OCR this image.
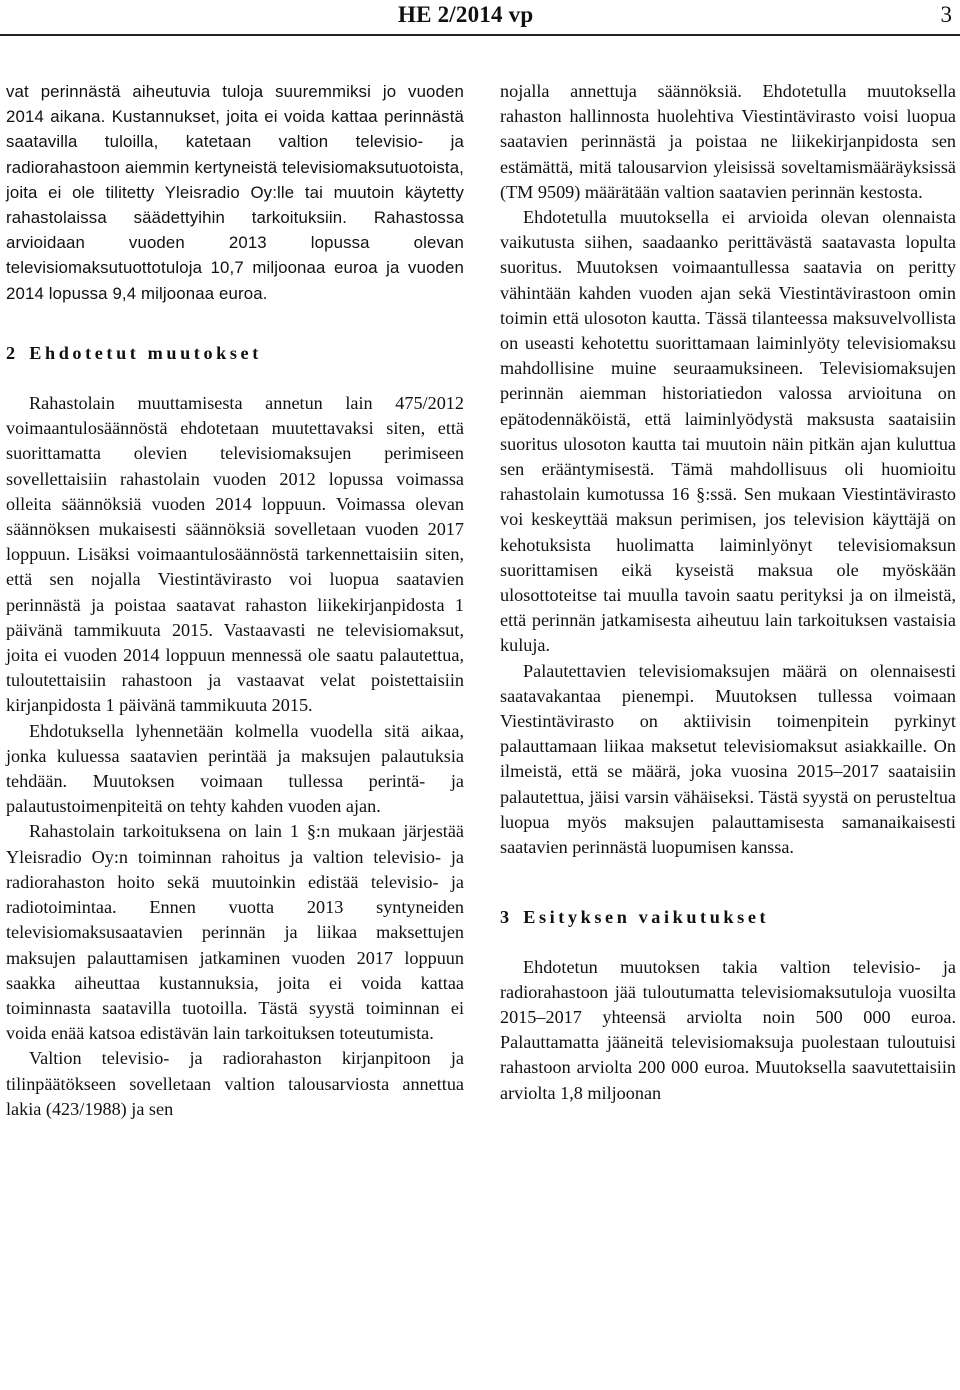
HE 2/2014 vp	3

vat perinnästä aiheutuvia tuloja suuremmiksi jo vuoden 2014 aikana. Kustannukset, joita ei voida kattaa perinnästä saatavilla tuloilla, katetaan valtion televisio- ja radiorahastoon aiemmin kertyneistä televisiomaksutuotoista, joita ei ole tilitetty Yleisradio Oy:lle tai muutoin käytetty rahastolaissa säädettyihin tarkoituksiin. Rahastossa arvioidaan vuoden 2013 lopussa olevan televisiomaksutuottotuloja 10,7 miljoonaa euroa ja vuoden 2014 lopussa 9,4 miljoonaa euroa.

2 Ehdotetut muutokset

Rahastolain muuttamisesta annetun lain 475/2012 voimaantulosäännöstä ehdotetaan muutettavaksi siten, että suorittamatta olevien televisiomaksujen perimiseen sovellettaisiin rahastolain vuoden 2012 lopussa voimassa olleita säännöksiä vuoden 2014 loppuun. Voimassa olevan säännöksen mukaisesti säännöksiä sovelletaan vuoden 2017 loppuun. Lisäksi voimaantulosäännöstä tarkennettaisiin siten, että sen nojalla Viestintävirasto voi luopua saatavien perinnästä ja poistaa saatavat rahaston liikekirjanpidosta 1 päivänä tammikuuta 2015. Vastaavasti ne televisiomaksut, joita ei vuoden 2014 loppuun mennessä ole saatu palautettua, tuloutettaisiin rahastoon ja vastaavat velat poistettaisiin kirjanpidosta 1 päivänä tammikuuta 2015.

Ehdotuksella lyhennetään kolmella vuodella sitä aikaa, jonka kuluessa saatavien perintää ja maksujen palautuksia tehdään. Muutoksen voimaan tullessa perintä- ja palautustoimenpiteitä on tehty kahden vuoden ajan.

Rahastolain tarkoituksena on lain 1 §:n mukaan järjestää Yleisradio Oy:n toiminnan rahoitus ja valtion televisio- ja radiorahaston hoito sekä muutoinkin edistää televisio- ja radiotoimintaa. Ennen vuotta 2013 syntyneiden televisiomaksusaatavien perinnän ja liikaa maksettujen maksujen palauttamisen jatkaminen vuoden 2017 loppuun saakka aiheuttaa kustannuksia, joita ei voida kattaa toiminnasta saatavilla tuotoilla. Tästä syystä toiminnan ei voida enää katsoa edistävän lain tarkoituksen toteutumista.

Valtion televisio- ja radiorahaston kirjanpitoon ja tilinpäätökseen sovelletaan valtion talousarviosta annettua lakia (423/1988) ja sen

nojalla annettuja säännöksiä. Ehdotetulla muutoksella rahaston hallinnosta huolehtiva Viestintävirasto voisi luopua saatavien perinnästä ja poistaa ne liikekirjanpidosta sen estämättä, mitä talousarvion yleisissä soveltamismääräyksissä (TM 9509) määrätään valtion saatavien perinnän kestosta.

Ehdotetulla muutoksella ei arvioida olevan olennaista vaikutusta siihen, saadaanko perittävästä saatavasta lopulta suoritus. Muutoksen voimaantullessa saatavia on peritty vähintään kahden vuoden ajan sekä Viestintävirastoon omin toimin että ulosoton kautta. Tässä tilanteessa maksuvelvollista on useasti kehotettu suorittamaan laiminlyöty televisiomaksu mahdollisine muine seuraamuksineen. Televisiomaksujen perinnän aiemman historiatiedon valossa arvioituna on epätodennäköistä, että laiminlyödystä maksusta saataisiin suoritus ulosoton kautta tai muutoin näin pitkän ajan kuluttua sen erääntymisestä. Tämä mahdollisuus oli huomioitu rahastolain kumotussa 16 §:ssä. Sen mukaan Viestintävirasto voi keskeyttää maksun perimisen, jos television käyttäjä on kehotuksista huolimatta laiminlyönyt televisiomaksun suorittamisen eikä kyseistä maksua ole myöskään ulosottoteitse tai muulla tavoin saatu perityksi ja on ilmeistä, että perinnän jatkamisesta aiheutuu lain tarkoituksen vastaisia kuluja.

Palautettavien televisiomaksujen määrä on olennaisesti saatavakantaa pienempi. Muutoksen tullessa voimaan Viestintävirasto on aktiivisin toimenpitein pyrkinyt palauttamaan liikaa maksetut televisiomaksut asiakkaille. On ilmeistä, että se määrä, joka vuosina 2015–2017 saataisiin palautettua, jäisi varsin vähäiseksi. Tästä syystä on perusteltua luopua myös maksujen palauttamisesta samanaikaisesti saatavien perinnästä luopumisen kanssa.

3 Esityksen vaikutukset

Ehdotetun muutoksen takia valtion televisio- ja radiorahastoon jää tuloutumatta televisiomaksutuloja vuosilta 2015–2017 yhteensä arviolta noin 500 000 euroa. Palauttamatta jääneitä televisiomaksuja puolestaan tuloutuisi rahastoon arviolta 200 000 euroa. Muutoksella saavutettaisiin arviolta 1,8 miljoonan
